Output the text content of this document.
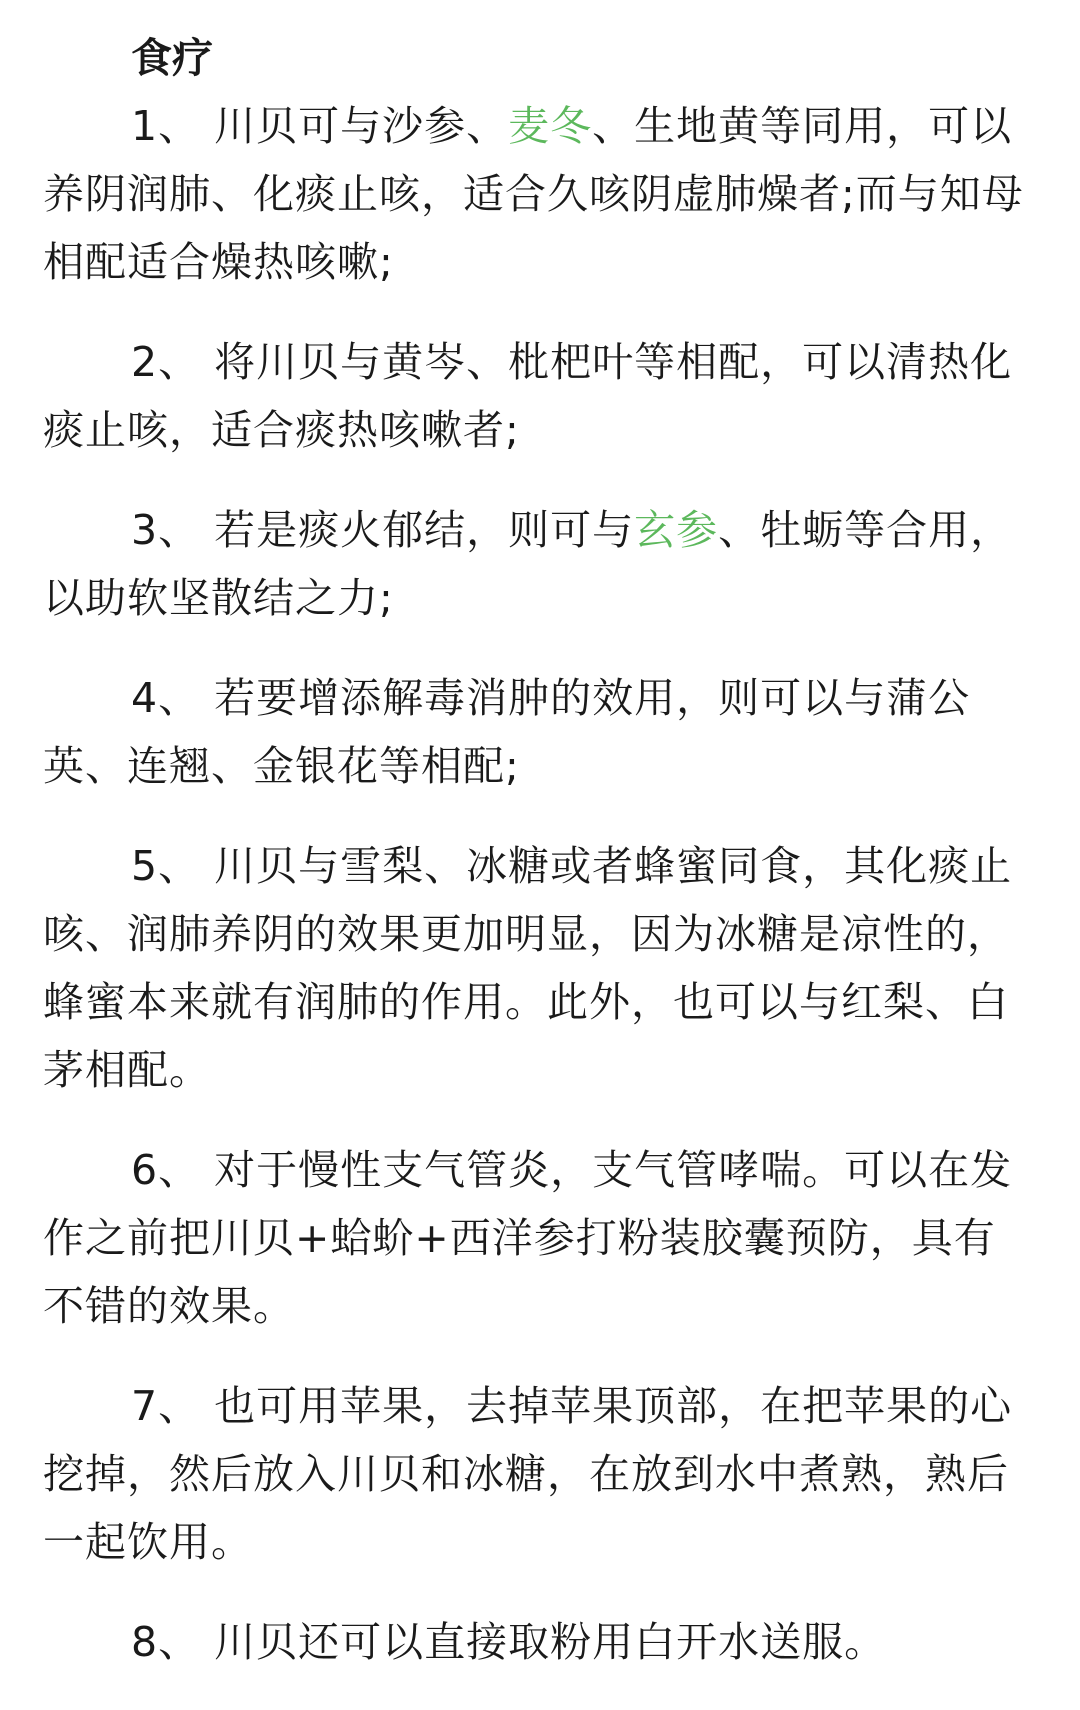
食疗

1、 川贝可与沙参、麦冬、生地黄等同用，可以养阴润肺、化痰止咳，适合久咳阴虚肺燥者;而与知母相配适合燥热咳嗽;

2、 将川贝与黄岑、枇杷叶等相配，可以清热化痰止咳，适合痰热咳嗽者;

3、 若是痰火郁结，则可与玄参、牡蛎等合用，以助软坚散结之力;

4、 若要增添解毒消肿的效用，则可以与蒲公英、连翘、金银花等相配;

5、 川贝与雪梨、冰糖或者蜂蜜同食，其化痰止咳、润肺养阴的效果更加明显，因为冰糖是凉性的，蜂蜜本来就有润肺的作用。此外，也可以与红梨、白茅相配。

6、 对于慢性支气管炎，支气管哮喘。可以在发作之前把川贝+蛤蚧+西洋参打粉装胶囊预防，具有不错的效果。

7、 也可用苹果，去掉苹果顶部，在把苹果的心挖掉，然后放入川贝和冰糖，在放到水中煮熟，熟后一起饮用。

8、 川贝还可以直接取粉用白开水送服。
